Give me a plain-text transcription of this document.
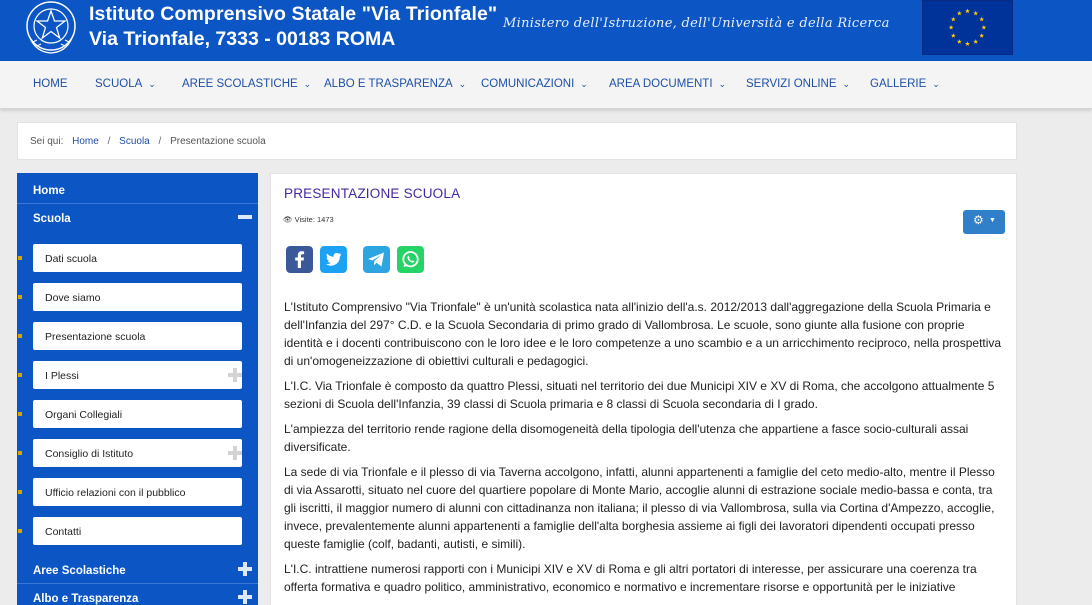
Istituto Comprensivo Statale "Via Trionfale"
Via Trionfale, 7333 - 00183 ROMA
Ministero dell'Istruzione, dell'Università e della Ricerca
HOME SCUOLA ⌄ AREE SCOLASTICHE ⌄ ALBO E TRASPARENZA ⌄ COMUNICAZIONI ⌄ AREA DOCUMENTI ⌄ SERVIZI ONLINE ⌄ GALLERIE ⌄
Sei qui: Home / Scuola / Presentazione scuola
Home
Scuola
Dati scuola
Dove siamo
Presentazione scuola
I Plessi
Organi Collegiali
Consiglio di Istituto
Ufficio relazioni con il pubblico
Contatti
Aree Scolastiche
Albo e Trasparenza
PRESENTAZIONE SCUOLA
👁 Visite: 1473	⚙ ▼

L'Istituto Comprensivo "Via Trionfale" è un'unità scolastica nata all'inizio dell'a.s. 2012/2013 dall'aggregazione della Scuola Primaria e dell'Infanzia del 297° C.D. e la Scuola Secondaria di primo grado di Vallombrosa. Le scuole, sono giunte alla fusione con proprie identità e i docenti contribuiscono con le loro idee e le loro competenze a uno scambio e a un arricchimento reciproco, nella prospettiva di un'omogeneizzazione di obiettivi culturali e pedagogici.

L'I.C. Via Trionfale è composto da quattro Plessi, situati nel territorio dei due Municipi XIV e XV di Roma, che accolgono attualmente 5 sezioni di Scuola dell'Infanzia, 39 classi di Scuola primaria e 8 classi di Scuola secondaria di I grado.

L'ampiezza del territorio rende ragione della disomogeneità della tipologia dell'utenza che appartiene a fasce socio-culturali assai diversificate.

La sede di via Trionfale e il plesso di via Taverna accolgono, infatti, alunni appartenenti a famiglie del ceto medio-alto, mentre il Plesso di via Assarotti, situato nel cuore del quartiere popolare di Monte Mario, accoglie alunni di estrazione sociale medio-bassa e conta, tra gli iscritti, il maggior numero di alunni con cittadinanza non italiana; il plesso di via Vallombrosa, sulla via Cortina d'Ampezzo, accoglie, invece, prevalentemente alunni appartenenti a famiglie dell'alta borghesia assieme ai figli dei lavoratori dipendenti occupati presso queste famiglie (colf, badanti, autisti, e simili).

L'I.C. intrattiene numerosi rapporti con i Municipi XIV e XV di Roma e gli altri portatori di interesse, per assicurare una coerenza tra offerta formativa e quadro politico, amministrativo, economico e normativo e incrementare risorse e opportunità per le iniziative
